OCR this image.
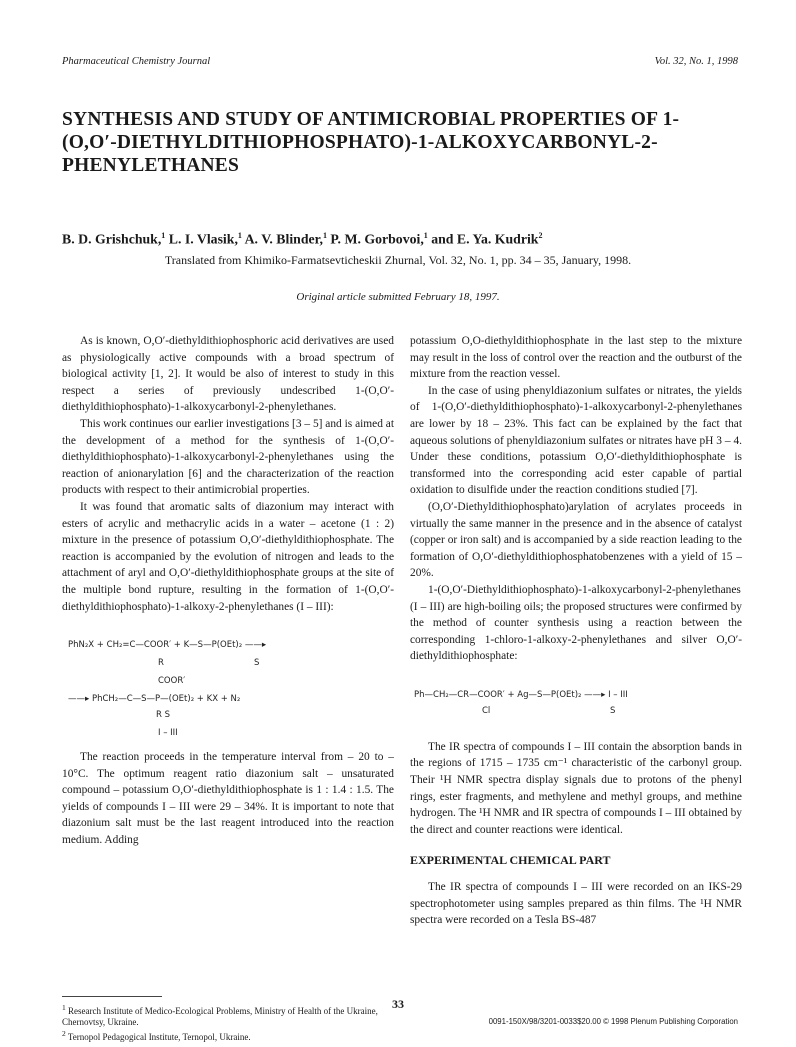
Pharmaceutical Chemistry Journal	Vol. 32, No. 1, 1998
SYNTHESIS AND STUDY OF ANTIMICROBIAL PROPERTIES OF 1-(O,O′-DIETHYLDITHIOPHOSPHATO)-1-ALKOXYCARBONYL-2-PHENYLETHANES
B. D. Grishchuk,$^1$ L. I. Vlasik,$^1$ A. V. Blinder,$^1$ P. M. Gorbovoi,$^1$ and E. Ya. Kudrik$^2$
Translated from Khimiko-Farmatsevticheskii Zhurnal, Vol. 32, No. 1, pp. 34 – 35, January, 1998.
Original article submitted February 18, 1997.

As is known, O,O′-diethyldithiophosphoric acid derivatives are used as physiologically active compounds with a broad spectrum of biological activity [1, 2]. It would be also of interest to study in this respect a series of previously undescribed 1-(O,O′-diethyldithiophosphato)-1-alkoxycarbonyl-2-phenylethanes.

This work continues our earlier investigations [3 – 5] and is aimed at the development of a method for the synthesis of 1-(O,O′-diethyldithiophosphato)-1-alkoxycarbonyl-2-phenylethanes using the reaction of anionarylation [6] and the characterization of the reaction products with respect to their antimicrobial properties.

It was found that aromatic salts of diazonium may interact with esters of acrylic and methacrylic acids in a water – acetone (1 : 2) mixture in the presence of potassium O,O′-diethyldithiophosphate. The reaction is accompanied by the evolution of nitrogen and leads to the attachment of aryl and O,O′-diethyldithiophosphate groups at the site of the multiple bond rupture, resulting in the formation of 1-(O,O′-diethyldithiophosphato)-1-alkoxy-2-phenylethanes (I – III):

PhN₂X + CH₂=C—COOR′ + K—S—P(OEt)₂ ——▸
R	S
COOR′
——▸ PhCH₂—C—S—P—(OEt)₂ + KX + N₂
R S
I – III

The reaction proceeds in the temperature interval from – 20 to – 10°C. The optimum reagent ratio diazonium salt – unsaturated compound – potassium O,O′-diethyldithiophosphate is 1 : 1.4 : 1.5. The yields of compounds I – III were 29 – 34%. It is important to note that diazonium salt must be the last reagent introduced into the reaction medium. Adding

potassium O,O-diethyldithiophosphate in the last step to the mixture may result in the loss of control over the reaction and the outburst of the mixture from the reaction vessel.

In the case of using phenyldiazonium sulfates or nitrates, the yields of 1-(O,O′-diethyldithiophosphato)-1-alkoxycarbonyl-2-phenylethanes are lower by 18 – 23%. This fact can be explained by the fact that aqueous solutions of phenyldiazonium sulfates or nitrates have pH 3 – 4. Under these conditions, potassium O,O′-diethyldithiophosphate is transformed into the corresponding acid ester capable of partial oxidation to disulfide under the reaction conditions studied [7].

(O,O′-Diethyldithiophosphato)arylation of acrylates proceeds in virtually the same manner in the presence and in the absence of catalyst (copper or iron salt) and is accompanied by a side reaction leading to the formation of O,O′-diethyldithiophosphatobenzenes with a yield of 15 – 20%.

1-(O,O′-Diethyldithiophosphato)-1-alkoxycarbonyl-2-phenylethanes (I – III) are high-boiling oils; the proposed structures were confirmed by the method of counter synthesis using a reaction between the corresponding 1-chloro-1-alkoxy-2-phenylethanes and silver O,O′-diethyldithiophosphate:

Ph—CH₂—CR—COOR′ + Ag—S—P(OEt)₂ ——▸ I – III
Cl	S

The IR spectra of compounds I – III contain the absorption bands in the regions of 1715 – 1735 cm⁻¹ characteristic of the carbonyl group. Their ¹H NMR spectra display signals due to protons of the phenyl rings, ester fragments, and methylene and methyl groups, and methine hydrogen. The ¹H NMR and IR spectra of compounds I – III obtained by the direct and counter reactions were identical.

EXPERIMENTAL CHEMICAL PART

The IR spectra of compounds I – III were recorded on an IKS-29 spectrophotometer using samples prepared as thin films. The ¹H NMR spectra were recorded on a Tesla BS-487

$^1$ Research Institute of Medico-Ecological Problems, Ministry of Health of the Ukraine, Chernovtsy, Ukraine.
$^2$ Ternopol Pedagogical Institute, Ternopol, Ukraine.
33
0091-150X/98/3201-0033$20.00 © 1998 Plenum Publishing Corporation
